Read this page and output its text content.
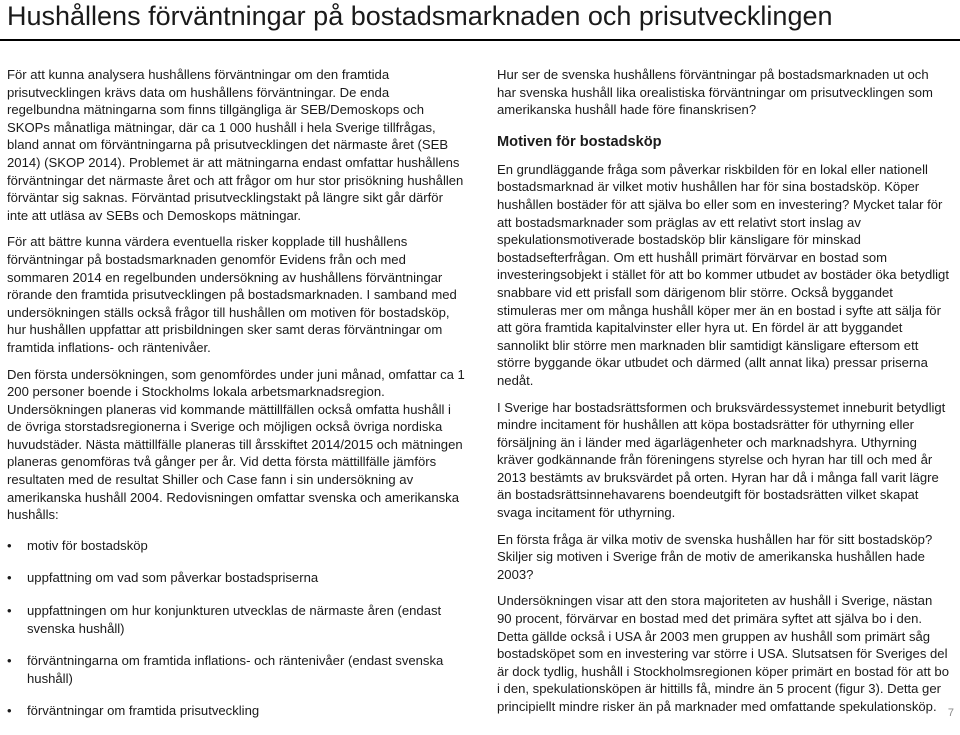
Hushållens förväntningar på bostadsmarknaden och prisutvecklingen

För att kunna analysera hushållens förväntningar om den framtida prisutvecklingen krävs data om hushållens förväntningar. De enda regelbundna mätningarna som finns tillgängliga är SEB/Demoskops och SKOPs månatliga mätningar, där ca 1 000 hushåll i hela Sverige tillfrågas, bland annat om förväntningarna på prisutvecklingen det närmaste året (SEB 2014) (SKOP 2014). Problemet är att mätningarna endast omfattar hushållens förväntningar det närmaste året och att frågor om hur stor prisökning hushållen förväntar sig saknas. Förväntad prisutvecklingstakt på längre sikt går därför inte att utläsa av SEBs och Demoskops mätningar.

För att bättre kunna värdera eventuella risker kopplade till hushållens förväntningar på bostadsmarknaden genomför Evidens från och med sommaren 2014 en regelbunden undersökning av hushållens förväntningar rörande den framtida prisutvecklingen på bostadsmarknaden. I samband med undersökningen ställs också frågor till hushållen om motiven för bostadsköp, hur hushållen uppfattar att prisbildningen sker samt deras förväntningar om framtida inflations- och räntenivåer.

Den första undersökningen, som genomfördes under juni månad, omfattar ca 1 200 personer boende i Stockholms lokala arbetsmarknadsregion. Undersökningen planeras vid kommande mättillfällen också omfatta hushåll i de övriga storstadsregionerna i Sverige och möjligen också övriga nordiska huvudstäder. Nästa mättillfälle planeras till årsskiftet 2014/2015 och mätningen planeras genomföras två gånger per år. Vid detta första mättillfälle jämförs resultaten med de resultat Shiller och Case fann i sin undersökning av amerikanska hushåll 2004. Redovisningen omfattar svenska och amerikanska hushålls:

• motiv för bostadsköp
• uppfattning om vad som påverkar bostadspriserna
• uppfattningen om hur konjunkturen utvecklas de närmaste åren (endast svenska hushåll)
• förväntningarna om framtida inflations- och räntenivåer (endast svenska hushåll)
• förväntningar om framtida prisutveckling

Hur ser de svenska hushållens förväntningar på bostadsmarknaden ut och har svenska hushåll lika orealistiska förväntningar om prisutvecklingen som amerikanska hushåll hade före finanskrisen?

Motiven för bostadsköp

En grundläggande fråga som påverkar riskbilden för en lokal eller nationell bostadsmarknad är vilket motiv hushållen har för sina bostadsköp. Köper hushållen bostäder för att själva bo eller som en investering? Mycket talar för att bostadsmarknader som präglas av ett relativt stort inslag av spekulationsmotiverade bostadsköp blir känsligare för minskad bostadsefterfrågan. Om ett hushåll primärt förvärvar en bostad som investeringsobjekt i stället för att bo kommer utbudet av bostäder öka betydligt snabbare vid ett prisfall som därigenom blir större. Också byggandet stimuleras mer om många hushåll köper mer än en bostad i syfte att sälja för att göra framtida kapitalvinster eller hyra ut. En fördel är att byggandet sannolikt blir större men marknaden blir samtidigt känsligare eftersom ett större byggande ökar utbudet och därmed (allt annat lika) pressar priserna nedåt.

I Sverige har bostadsrättsformen och bruksvärdessystemet inneburit betydligt mindre incitament för hushållen att köpa bostadsrätter för uthyrning eller försäljning än i länder med ägarlägenheter och marknadshyra. Uthyrning kräver godkännande från föreningens styrelse och hyran har till och med år 2013 bestämts av bruksvärdet på orten. Hyran har då i många fall varit lägre än bostadsrättsinnehavarens boendeutgift för bostadsrätten vilket skapat svaga incitament för uthyrning.

En första fråga är vilka motiv de svenska hushållen har för sitt bostadsköp? Skiljer sig motiven i Sverige från de motiv de amerikanska hushållen hade 2003?

Undersökningen visar att den stora majoriteten av hushåll i Sverige, nästan 90 procent, förvärvar en bostad med det primära syftet att själva bo i den. Detta gällde också i USA år 2003 men gruppen av hushåll som primärt såg bostadsköpet som en investering var större i USA. Slutsatsen för Sveriges del är dock tydlig, hushåll i Stockholmsregionen köper primärt en bostad för att bo i den, spekulationsköpen är hittills få, mindre än 5 procent (figur 3). Detta ger principiellt mindre risker än på marknader med omfattande spekulationsköp.	7
